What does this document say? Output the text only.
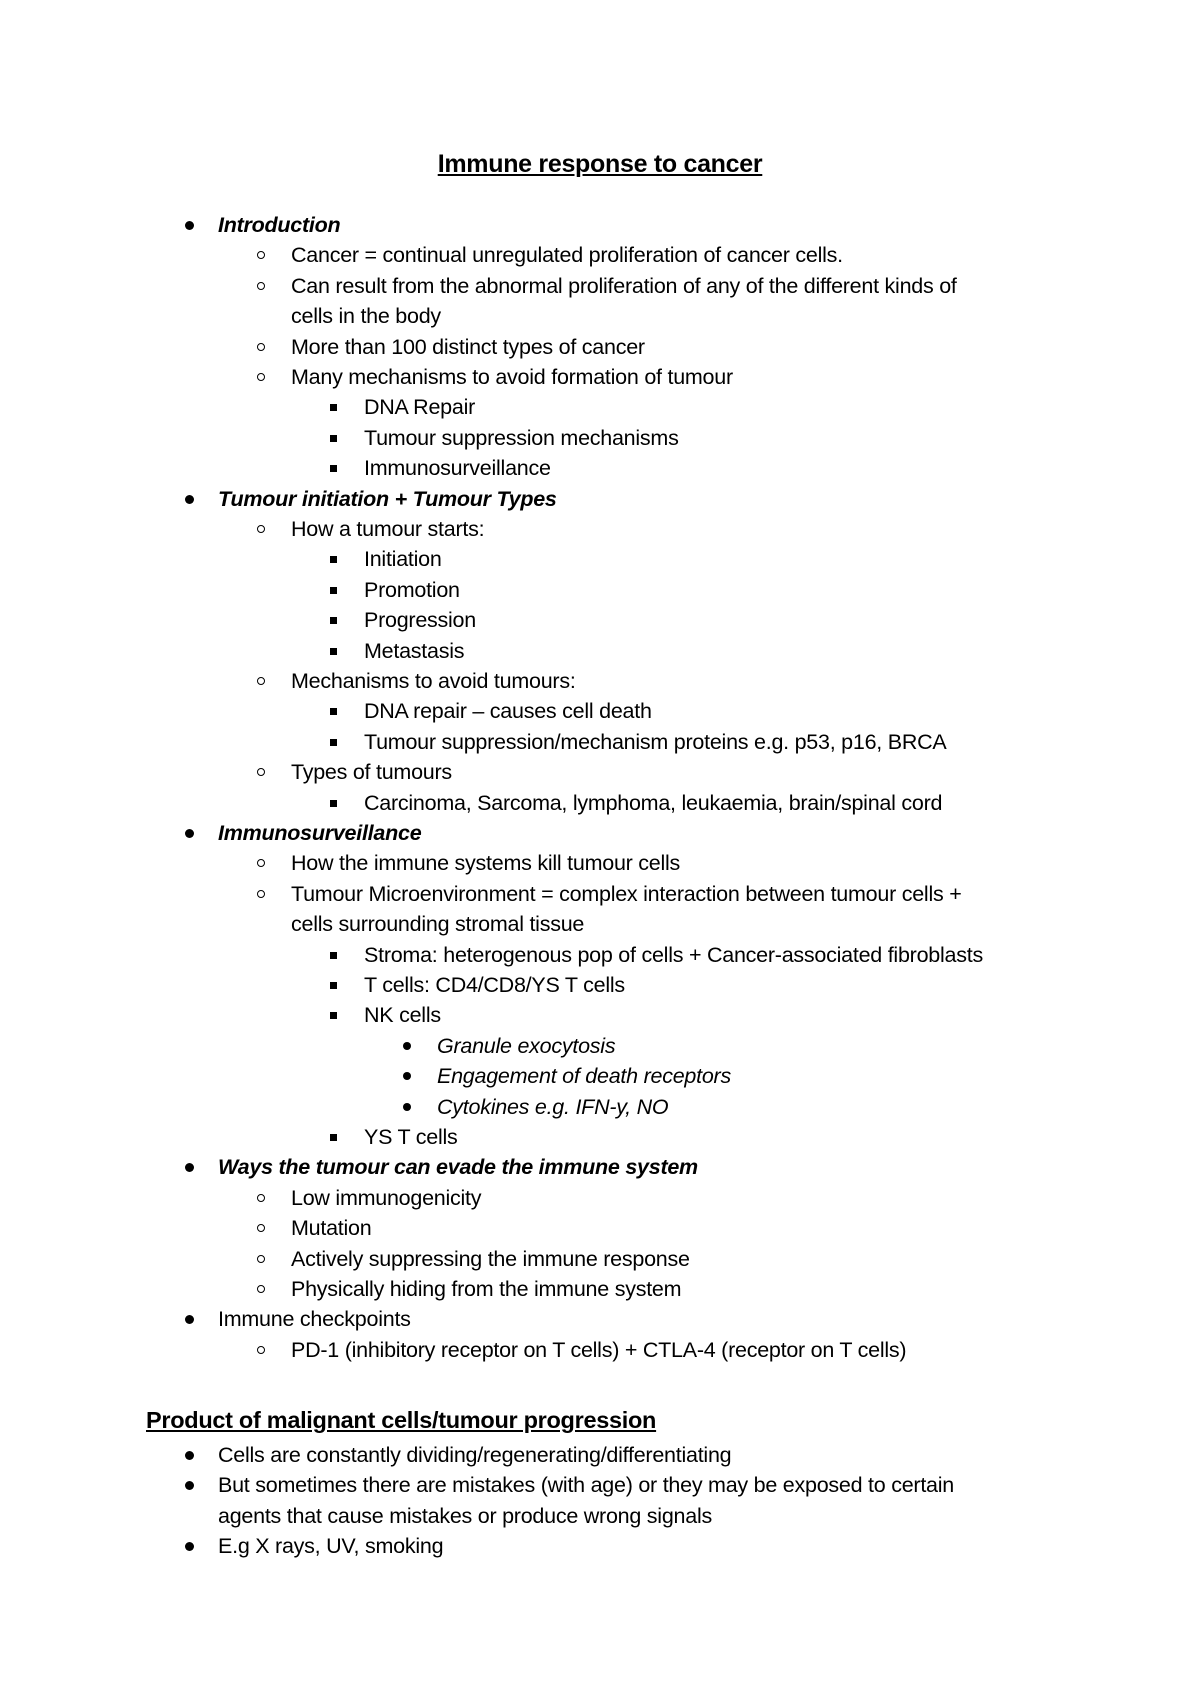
Immune response to cancer
Introduction
Cancer = continual unregulated proliferation of cancer cells.
Can result from the abnormal proliferation of any of the different kinds of
cells in the body
More than 100 distinct types of cancer
Many mechanisms to avoid formation of tumour
DNA Repair
Tumour suppression mechanisms
Immunosurveillance
Tumour initiation + Tumour Types
How a tumour starts:
Initiation
Promotion
Progression
Metastasis
Mechanisms to avoid tumours:
DNA repair – causes cell death
Tumour suppression/mechanism proteins e.g. p53, p16, BRCA
Types of tumours
Carcinoma, Sarcoma, lymphoma, leukaemia, brain/spinal cord
Immunosurveillance
How the immune systems kill tumour cells
Tumour Microenvironment = complex interaction between tumour cells +
cells surrounding stromal tissue
Stroma: heterogenous pop of cells + Cancer-associated fibroblasts
T cells: CD4/CD8/YS T cells
NK cells
Granule exocytosis
Engagement of death receptors
Cytokines e.g. IFN-y, NO
YS T cells
Ways the tumour can evade the immune system
Low immunogenicity
Mutation
Actively suppressing the immune response
Physically hiding from the immune system
Immune checkpoints
PD-1 (inhibitory receptor on T cells) + CTLA-4 (receptor on T cells)
Product of malignant cells/tumour progression
Cells are constantly dividing/regenerating/differentiating
But sometimes there are mistakes (with age) or they may be exposed to certain
agents that cause mistakes or produce wrong signals
E.g X rays, UV, smoking
